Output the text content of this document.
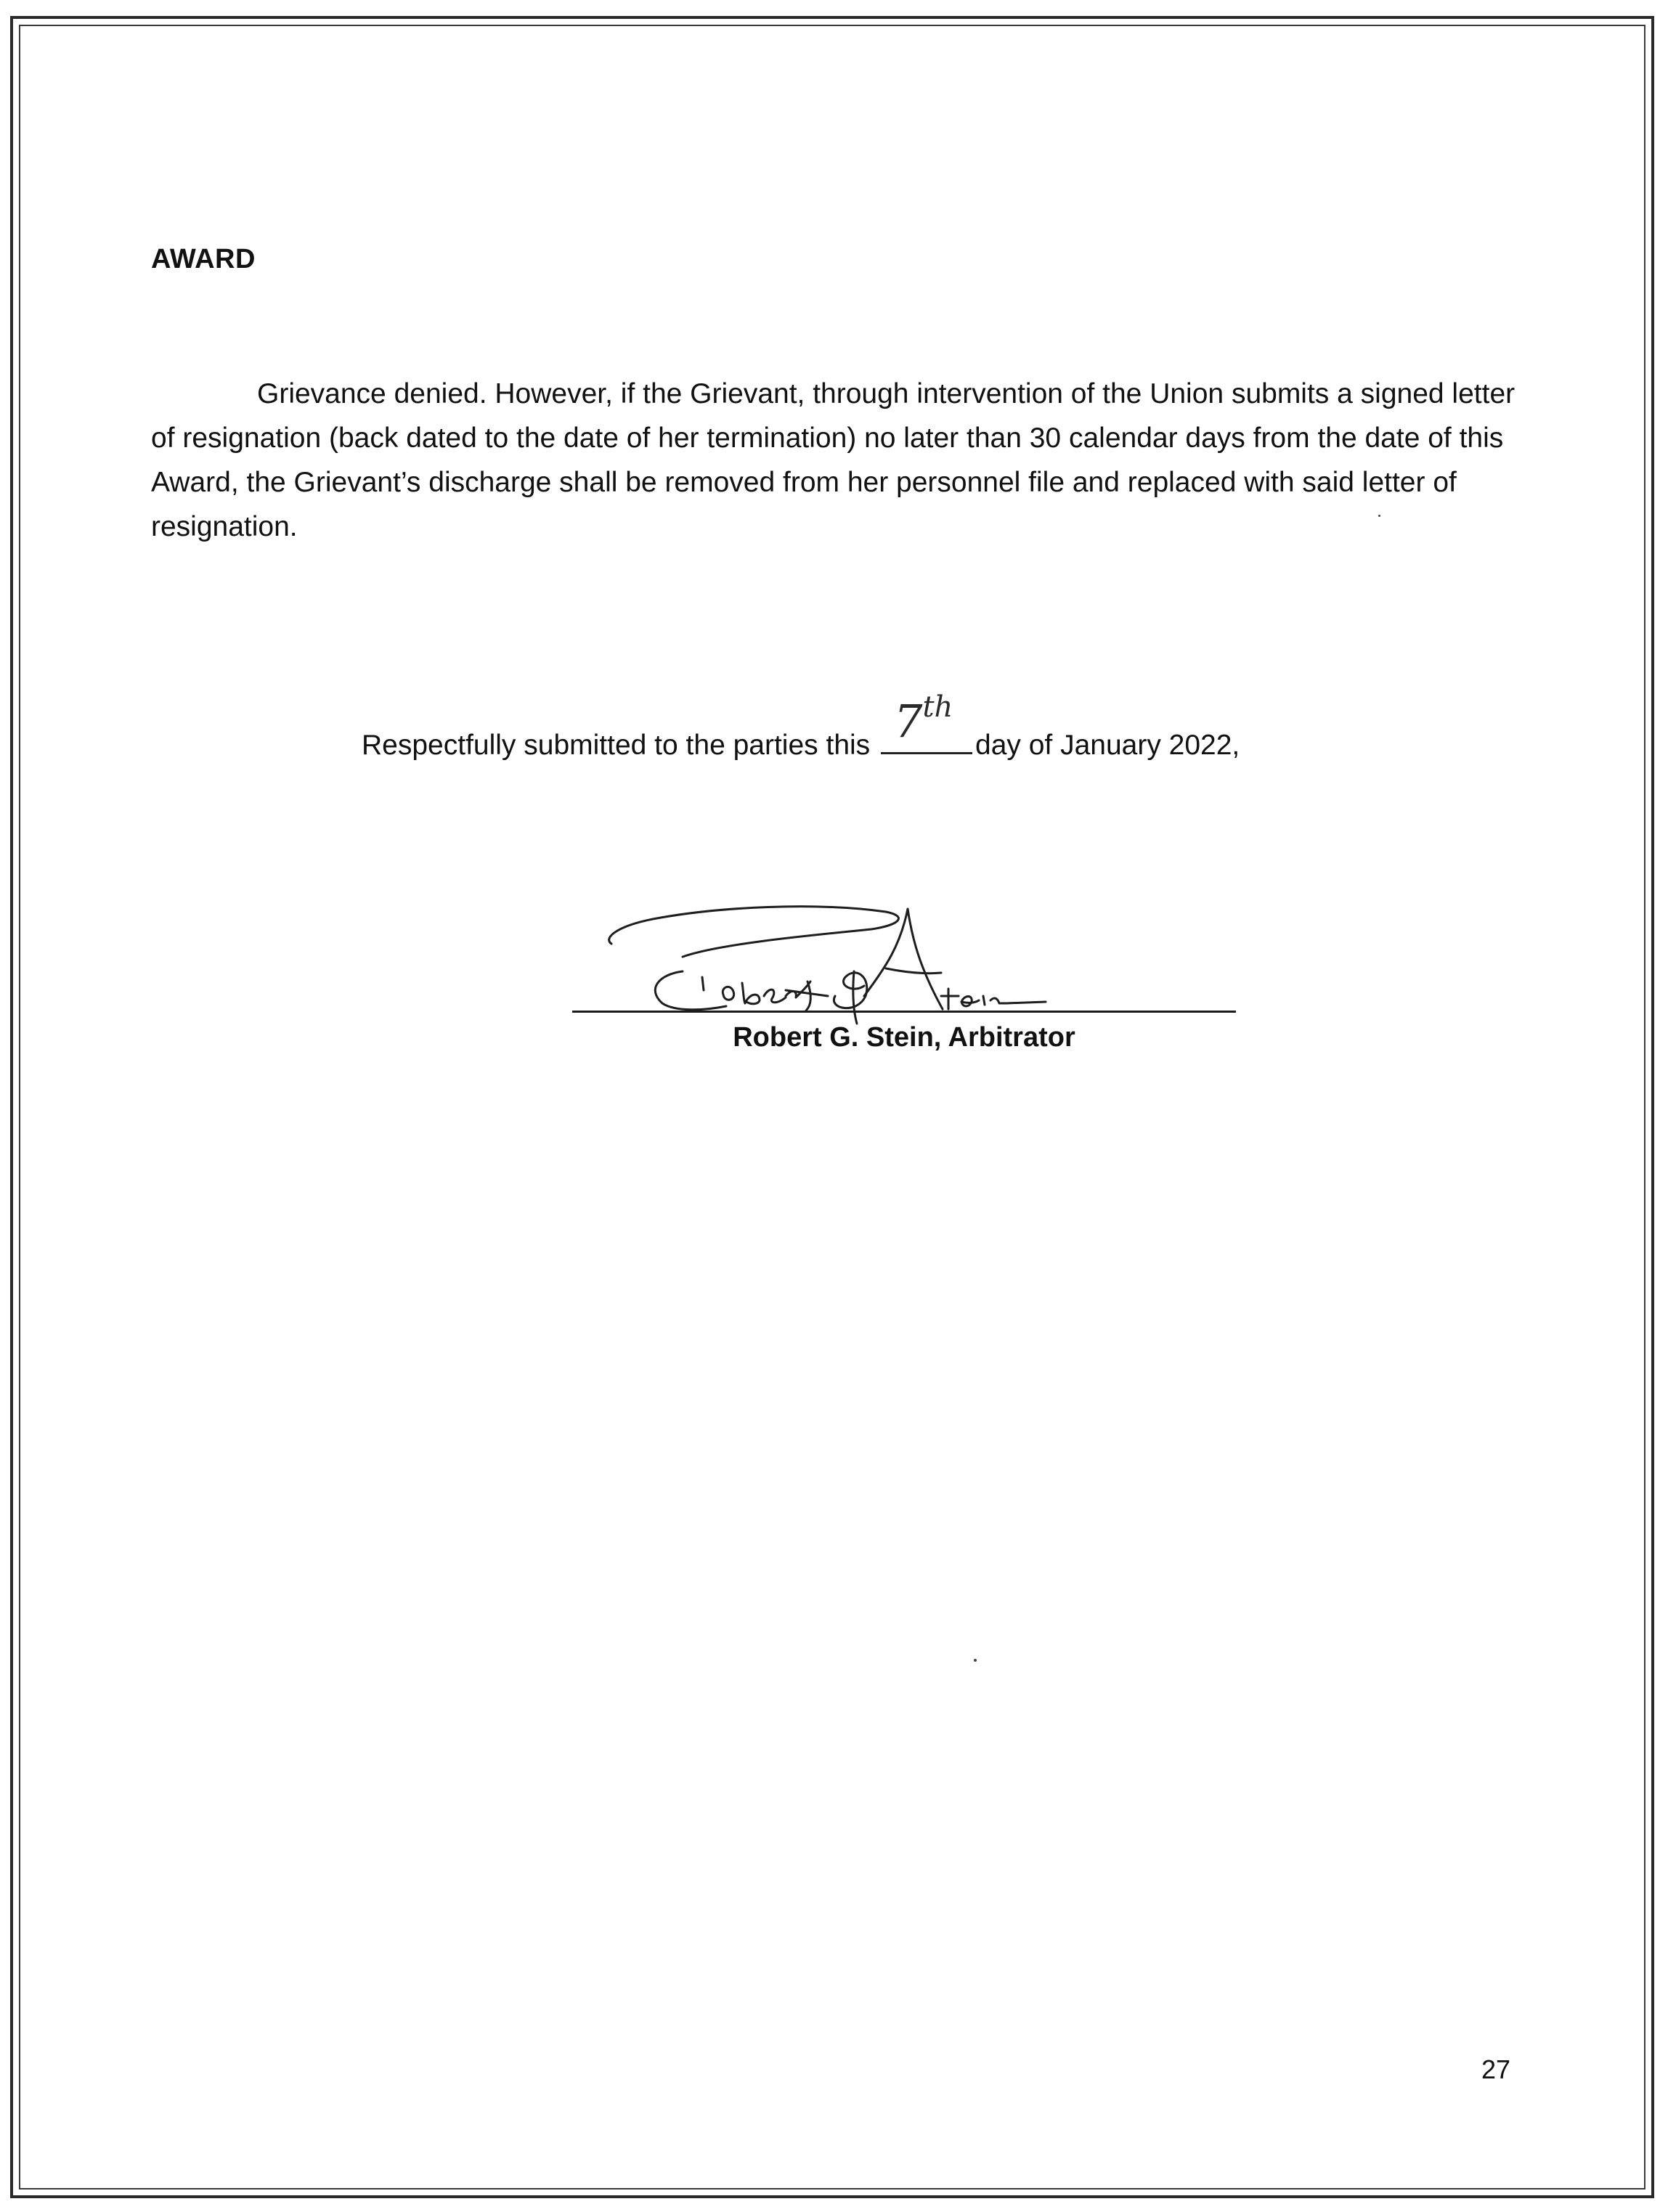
AWARD

Grievance denied. However, if the Grievant, through intervention of the Union submits a signed letter of resignation (back dated to the date of her termination) no later than 30 calendar days from the date of this Award, the Grievant’s discharge shall be removed from her personnel file and replaced with said letter of resignation.

Respectfully submitted to the parties this 7th
day of January 2022,

Robert G. Stein, Arbitrator

27
